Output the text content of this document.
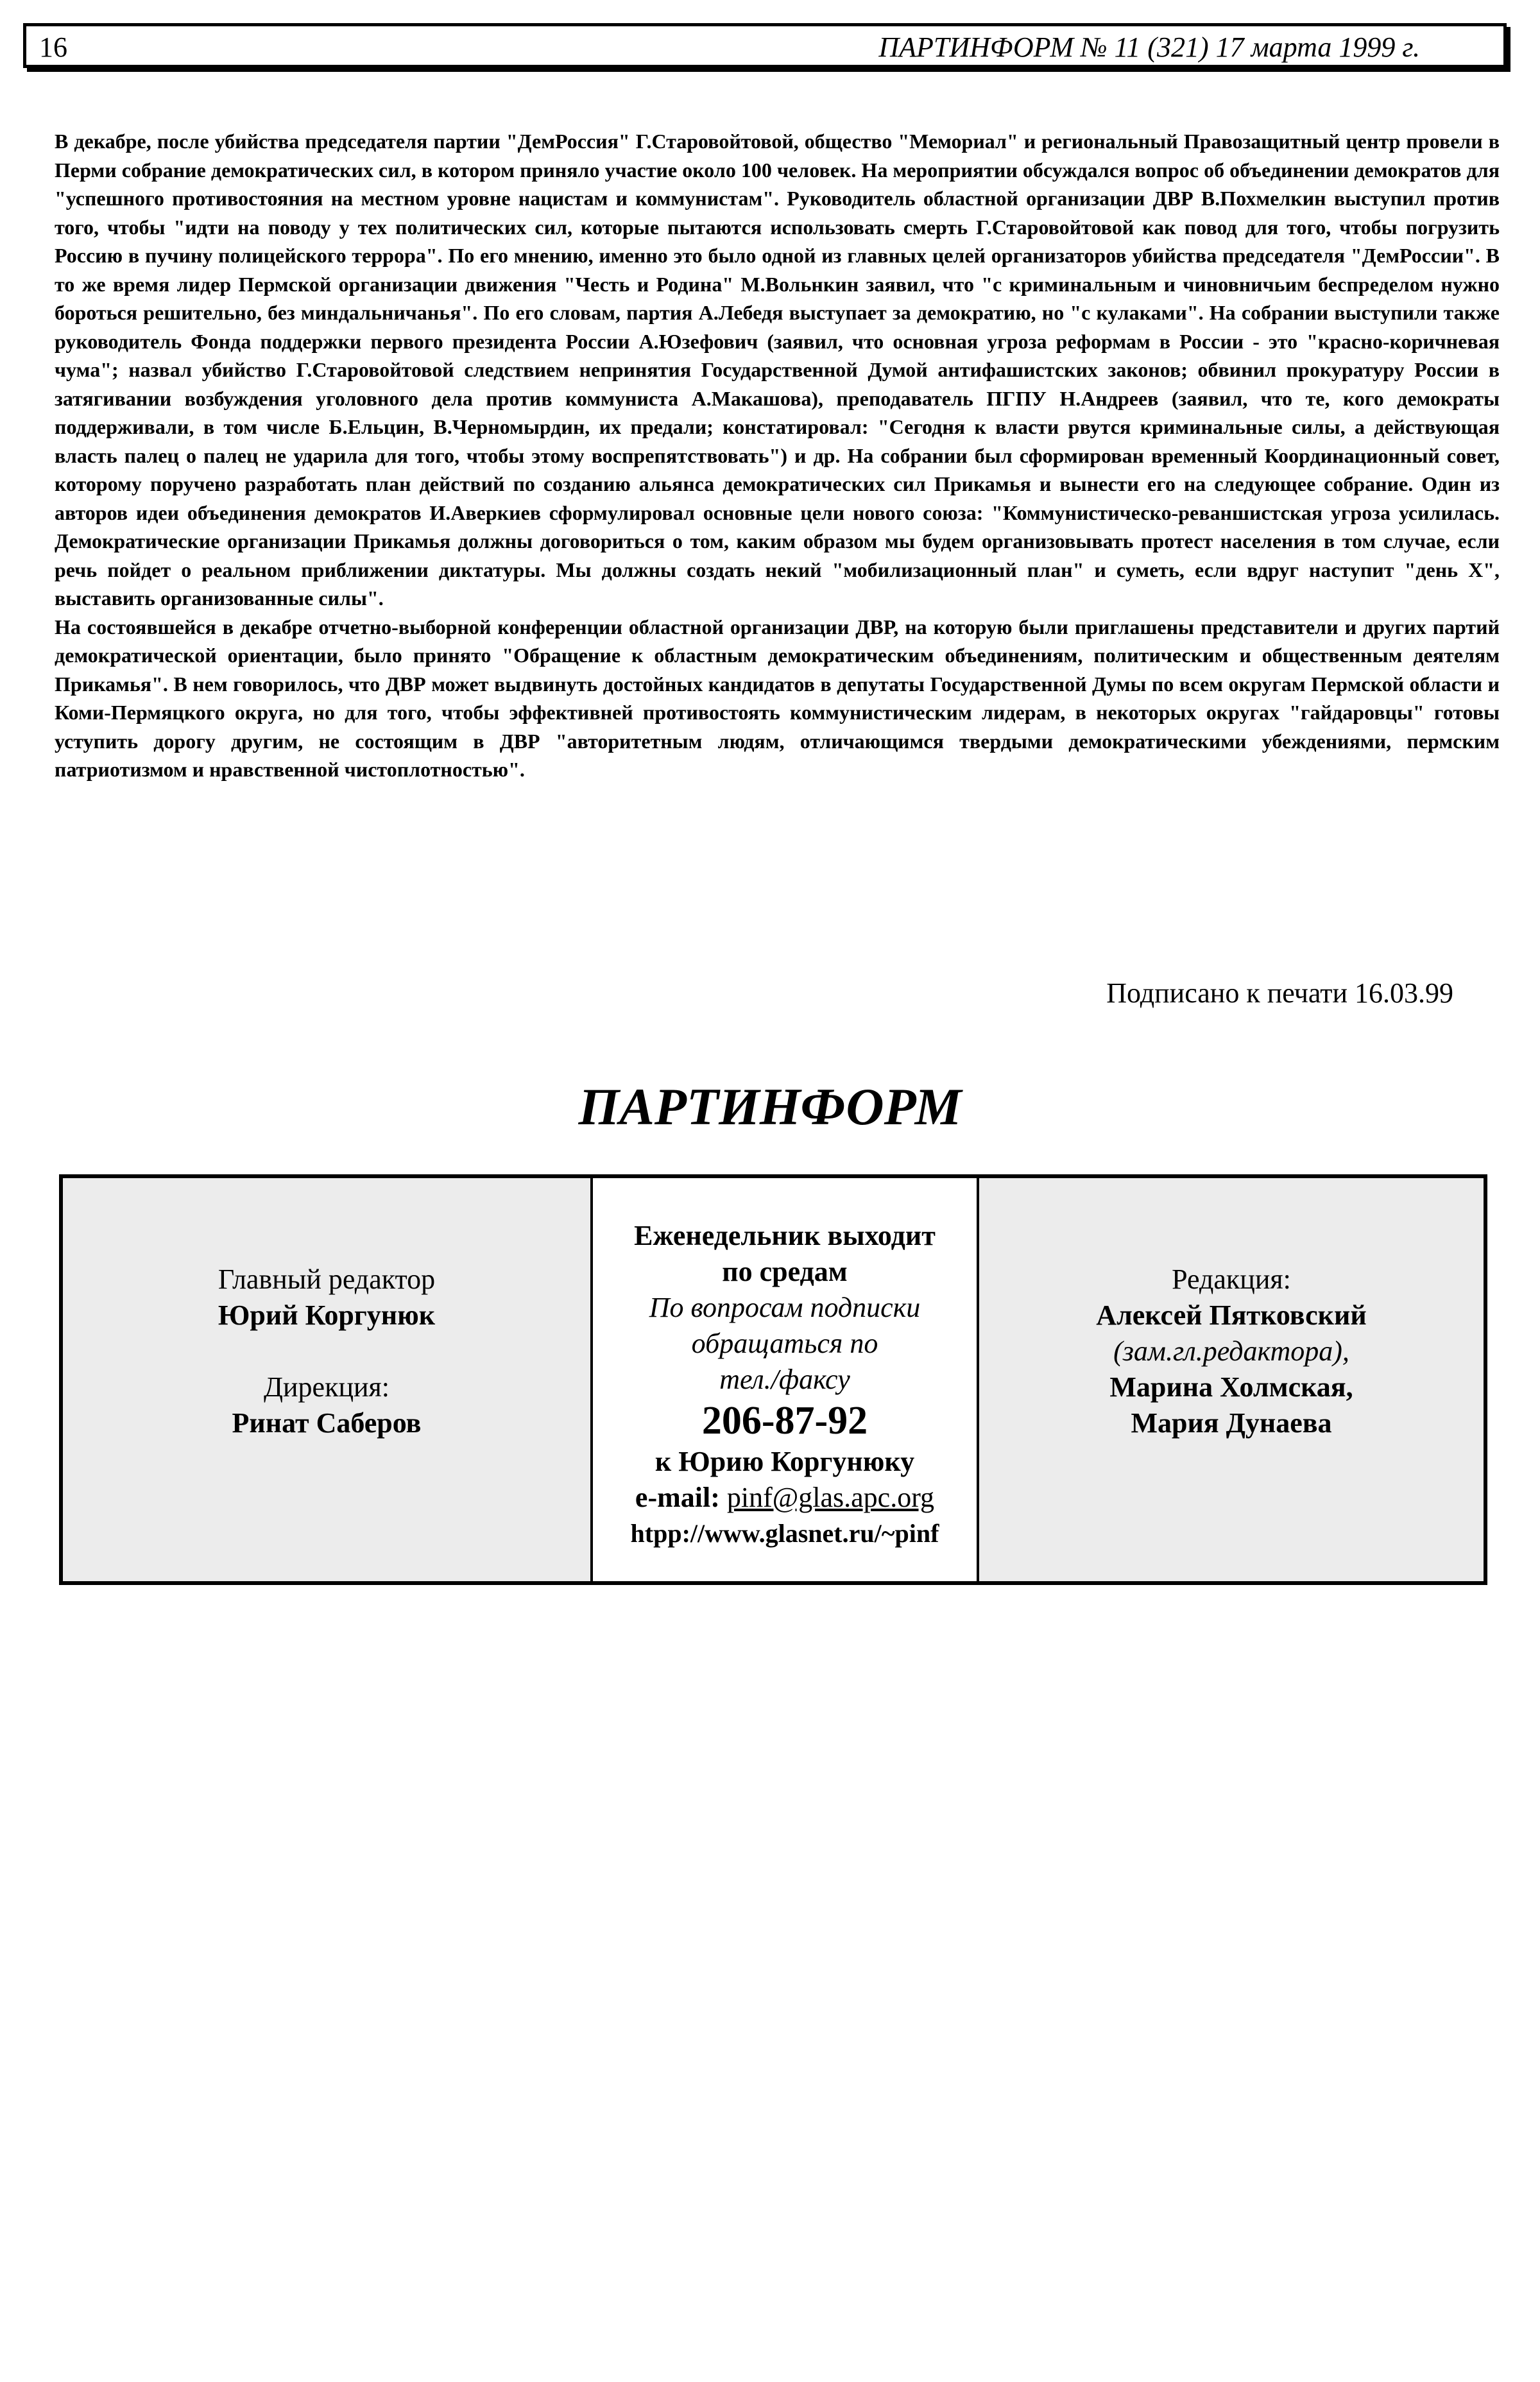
16	ПАРТИНФОРМ № 11 (321) 17 марта 1999 г.

В декабре, после убийства председателя партии "ДемРоссия" Г.Старовойтовой, общество "Мемориал" и региональный Правозащитный центр провели в Перми собрание демократических сил, в котором приняло участие около 100 человек. На мероприятии обсуждался вопрос об объединении демократов для "успешного противостояния на местном уровне нацистам и коммунистам". Руководитель областной организации ДВР В.Похмелкин выступил против того, чтобы "идти на поводу у тех политических сил, которые пытаются использовать смерть Г.Старовойтовой как повод для того, чтобы погрузить Россию в пучину полицейского террора". По его мнению, именно это было одной из главных целей организаторов убийства председателя "ДемРоссии". В то же время лидер Пермской организации движения "Честь и Родина" М.Вольнкин заявил, что "с криминальным и чиновничьим беспределом нужно бороться решительно, без миндальничанья". По его словам, партия А.Лебедя выступает за демократию, но "с кулаками". На собрании выступили также руководитель Фонда поддержки первого президента России А.Юзефович (заявил, что основная угроза реформам в России - это "красно-коричневая чума"; назвал убийство Г.Старовойтовой следствием непринятия Государственной Думой антифашистских законов; обвинил прокуратуру России в затягивании возбуждения уголовного дела против коммуниста А.Макашова), преподаватель ПГПУ Н.Андреев (заявил, что те, кого демократы поддерживали, в том числе Б.Ельцин, В.Черномырдин, их предали; констатировал: "Сегодня к власти рвутся криминальные силы, а действующая власть палец о палец не ударила для того, чтобы этому воспрепятствовать") и др. На собрании был сформирован временный Координационный совет, которому поручено разработать план действий по созданию альянса демократических сил Прикамья и вынести его на следующее собрание. Один из авторов идеи объединения демократов И.Аверкиев сформулировал основные цели нового союза: "Коммунистическо-реваншистская угроза усилилась. Демократические организации Прикамья должны договориться о том, каким образом мы будем организовывать протест населения в том случае, если речь пойдет о реальном приближении диктатуры. Мы должны создать некий "мобилизационный план" и суметь, если вдруг наступит "день Х", выставить организованные силы".

На состоявшейся в декабре отчетно-выборной конференции областной организации ДВР, на которую были приглашены представители и других партий демократической ориентации, было принято "Обращение к областным демократическим объединениям, политическим и общественным деятелям Прикамья". В нем говорилось, что ДВР может выдвинуть достойных кандидатов в депутаты Государственной Думы по всем округам Пермской области и Коми-Пермяцкого округа, но для того, чтобы эффективней противостоять коммунистическим лидерам, в некоторых округах "гайдаровцы" готовы уступить дорогу другим, не состоящим в ДВР "авторитетным людям, отличающимся твердыми демократическими убеждениями, пермским патриотизмом и нравственной чистоплотностью".

Подписано к печати 16.03.99
ПАРТИНФОРМ
Главный редактор
Юрий Коргунюк
Дирекция:
Ринат Саберов
Еженедельник выходит
по средам
По вопросам подписки
обращаться по
тел./факсу
206-87-92
к Юрию Коргунюку
e-mail: pinf@glas.apc.org
htpp://www.glasnet.ru/~pinf
Редакция:
Алексей Пятковский
(зам.гл.редактора),
Марина Холмская,
Мария Дунаева
